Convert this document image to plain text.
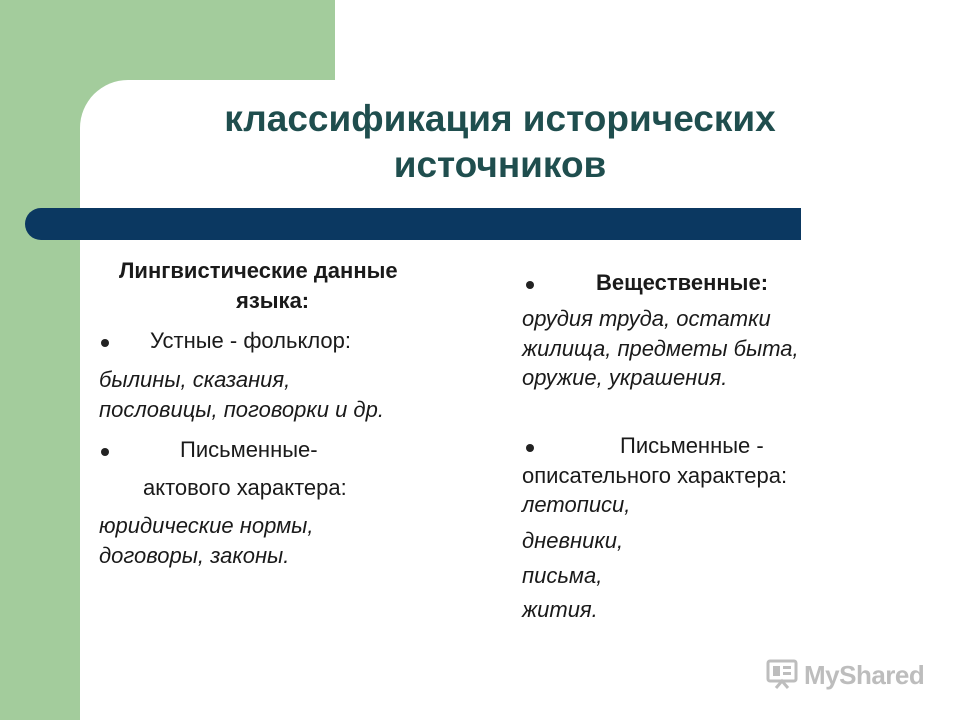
классификация исторических
источников
Лингвистические данные
языка:
Устные - фольклор:
былины, сказания,
пословицы, поговорки и др.
Письменные-
актового характера:
юридические нормы,
договоры, законы.
Вещественные:
орудия труда, остатки
жилища, предметы быта,
оружие, украшения.
Письменные -
описательного характера:
летописи,
дневники,
письма,
жития.
MyShared
